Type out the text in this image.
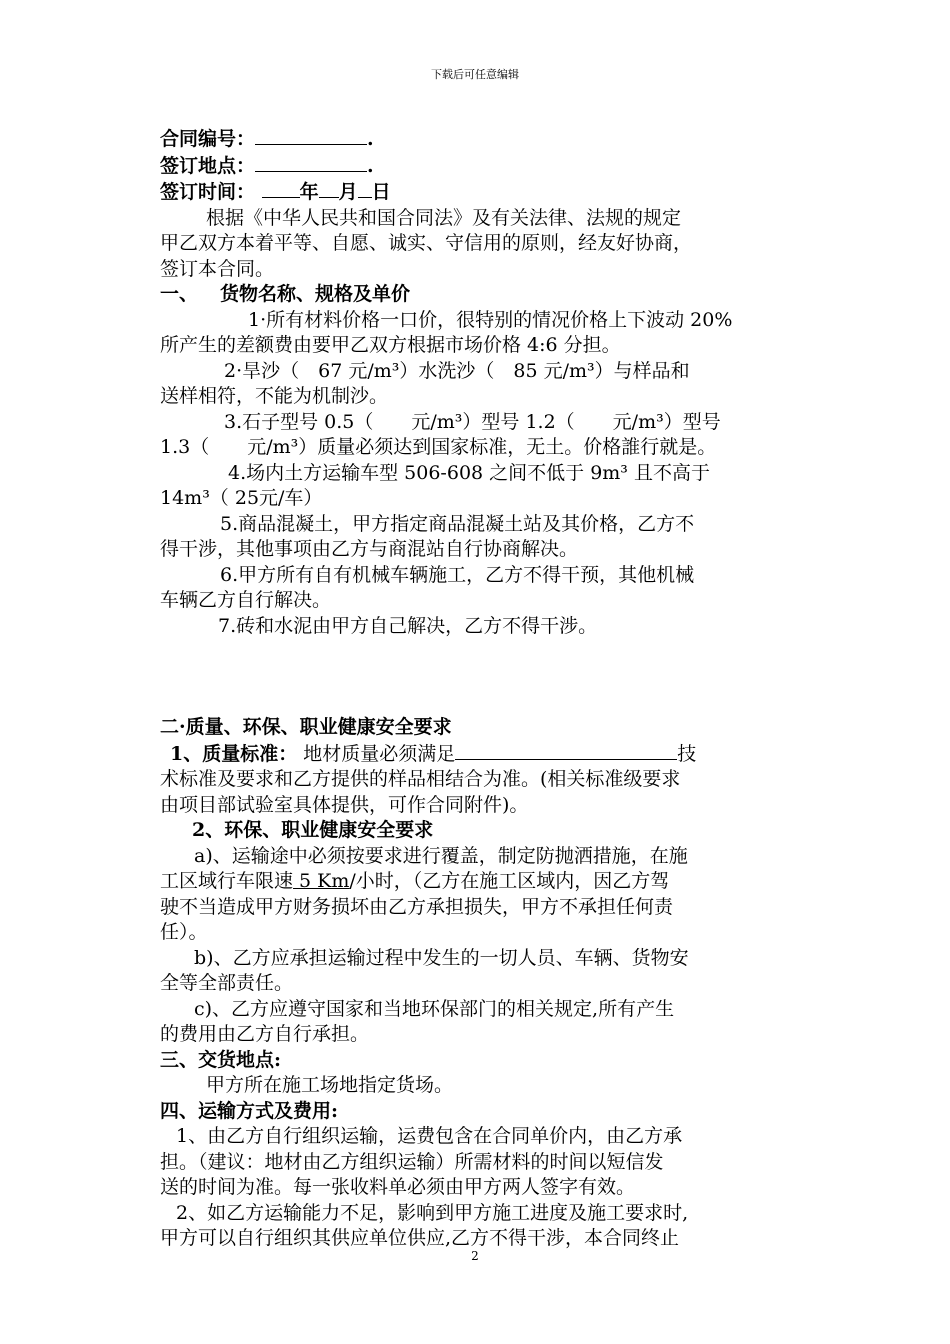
下载后可任意编辑
合同编号：	.
签订地点：	.
签订时间： 年 月 日
根据《中华人民共和国合同法》及有关法律、法规的规定
甲乙双方本着平等、自愿、诚实、守信用的原则，经友好协商，
签订本合同。
一、 货物名称、规格及单价
1·所有材料价格一口价，很特别的情况价格上下波动 20%
所产生的差额费由要甲乙双方根据市场价格 4:6 分担。
2·旱沙（　67 元/m³）水洗沙（　85 元/m³）与样品和
送样相符，不能为机制沙。
3.石子型号 0.5（　　元/m³）型号 1.2（　　元/m³）型号
1.3（　　元/m³）质量必须达到国家标准，无土。价格誰行就是。
4.场内土方运输车型 506-608 之间不低于 9m³ 且不高于
14m³（ 25元/车）
5.商品混凝土，甲方指定商品混凝土站及其价格，乙方不
得干涉，其他事项由乙方与商混站自行协商解决。
6.甲方所有自有机械车辆施工，乙方不得干预，其他机械
车辆乙方自行解决。
7.砖和水泥由甲方自己解决，乙方不得干涉。
二·质量、环保、职业健康安全要求
1、质量标准： 地材质量必须满足	技
术标准及要求和乙方提供的样品相结合为准。(相关标准级要求
由项目部试验室具体提供，可作合同附件)。
2、环保、职业健康安全要求
a)、运输途中必须按要求进行覆盖，制定防抛洒措施，在施
工区域行车限速 5 Km/小时，（乙方在施工区域内，因乙方驾
驶不当造成甲方财务损坏由乙方承担损失，甲方不承担任何责
任）。
b)、乙方应承担运输过程中发生的一切人员、车辆、货物安
全等全部责任。
c)、乙方应遵守国家和当地环保部门的相关规定,所有产生
的费用由乙方自行承担。
三、交货地点:
甲方所在施工场地指定货场。
四、运输方式及费用:
1、由乙方自行组织运输，运费包含在合同单价内，由乙方承
担。（建议：地材由乙方组织运输）所需材料的时间以短信发
送的时间为准。每一张收料单必须由甲方两人签字有效。
2、如乙方运输能力不足，影响到甲方施工进度及施工要求时,
甲方可以自行组织其供应单位供应,乙方不得干涉，本合同终止
2
